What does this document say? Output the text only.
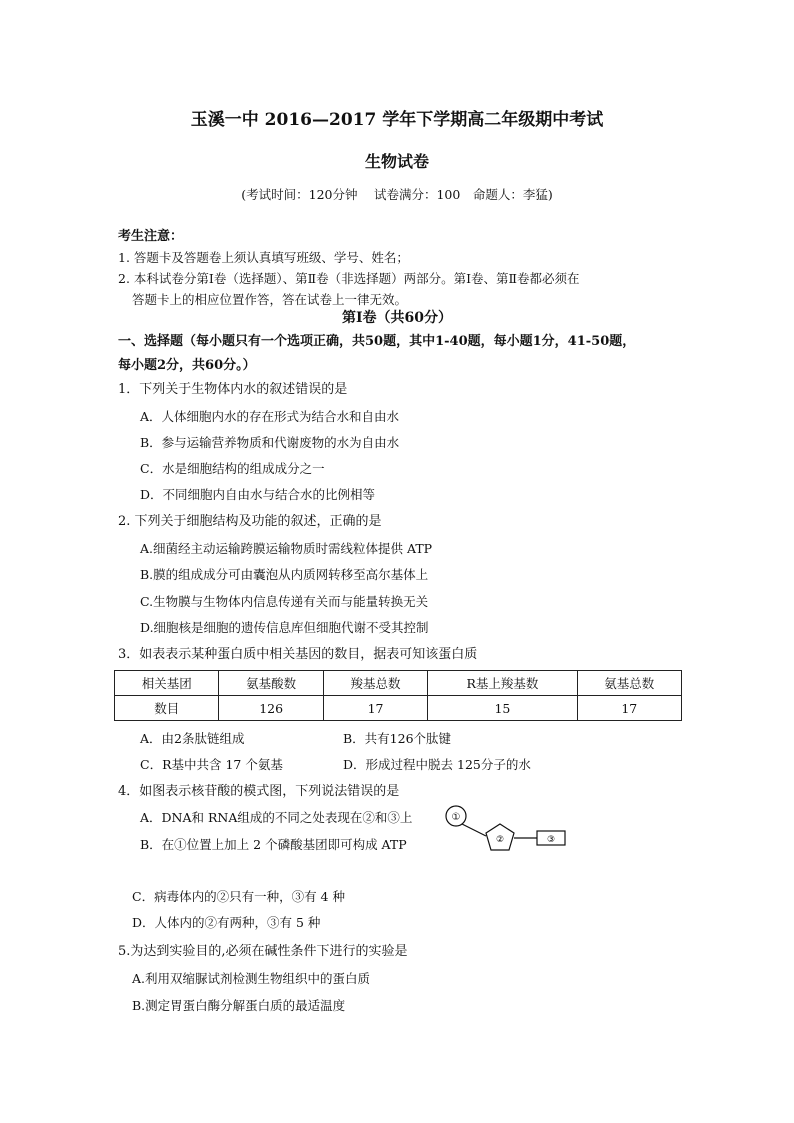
玉溪一中 2016—2017 学年下学期高二年级期中考试
生物试卷
(考试时间：120分钟　 试卷满分：100　命题人：李猛)
考生注意：
1. 答题卡及答题卷上须认真填写班级、学号、姓名；
2. 本科试卷分第Ⅰ卷（选择题）、第Ⅱ卷（非选择题）两部分。第Ⅰ卷、第Ⅱ卷都必须在
答题卡上的相应位置作答，答在试卷上一律无效。
第Ⅰ卷（共60分）
一、选择题（每小题只有一个选项正确，共50题，其中1-40题，每小题1分，41-50题，
每小题2分，共60分。）
1．下列关于生物体内水的叙述错误的是
A．人体细胞内水的存在形式为结合水和自由水
B．参与运输营养物质和代谢废物的水为自由水
C．水是细胞结构的组成成分之一
D．不同细胞内自由水与结合水的比例相等
2. 下列关于细胞结构及功能的叙述，正确的是
A.细菌经主动运输跨膜运输物质时需线粒体提供 ATP
B.膜的组成成分可由囊泡从内质网转移至高尔基体上
C.生物膜与生物体内信息传递有关而与能量转换无关
D.细胞核是细胞的遗传信息库但细胞代谢不受其控制
3．如表表示某种蛋白质中相关基因的数目，据表可知该蛋白质
相关基团	氨基酸数	羧基总数	R基上羧基数	氨基总数
数目	126	17	15	17
A．由2条肽链组成	B．共有126个肽键
C．R基中共含 17 个氨基	D．形成过程中脱去 125分子的水
4．如图表示核苷酸的模式图，下列说法错误的是
A．DNA和 RNA组成的不同之处表现在②和③上
B．在①位置上加上 2 个磷酸基团即可构成 ATP
①
②	③
C．病毒体内的②只有一种，③有 4 种
D．人体内的②有两种，③有 5 种
5.为达到实验目的,必须在碱性条件下进行的实验是
A.利用双缩脲试剂检测生物组织中的蛋白质
B.测定胃蛋白酶分解蛋白质的最适温度
